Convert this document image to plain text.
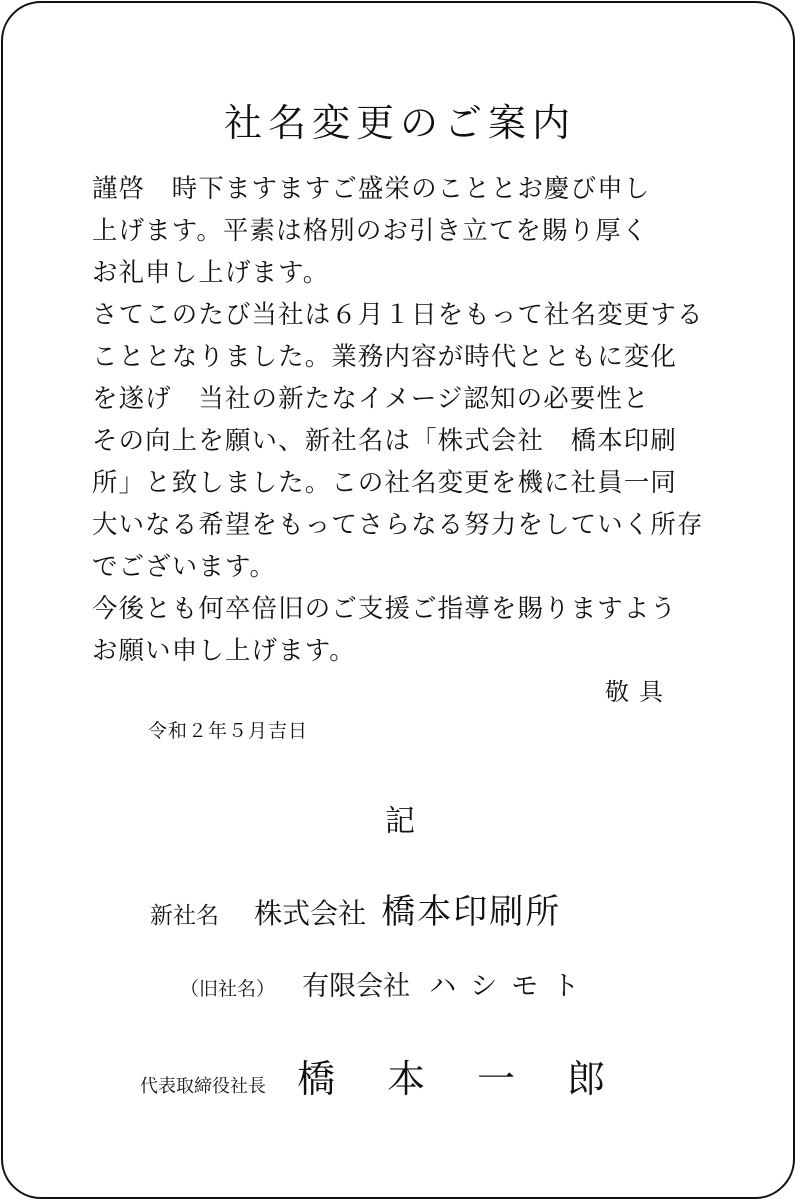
社名変更のご案内
謹啓　時下ますますご盛栄のこととお慶び申し
上げます。平素は格別のお引き立てを賜り厚く
お礼申し上げます。
さてこのたび当社は６月１日をもって社名変更する
こととなりました。業務内容が時代とともに変化
を遂げ　当社の新たなイメージ認知の必要性と
その向上を願い、新社名は「株式会社　橋本印刷
所」と致しました。この社名変更を機に社員一同
大いなる希望をもってさらなる努力をしていく所存
でございます。
今後とも何卒倍旧のご支援ご指導を賜りますよう
お願い申し上げます。
敬具
令和２年５月吉日
記
新社名 株式会社 橋本印刷所
（旧社名） 有限会社 ハシモト
代表取締役社長 橋本一郎
